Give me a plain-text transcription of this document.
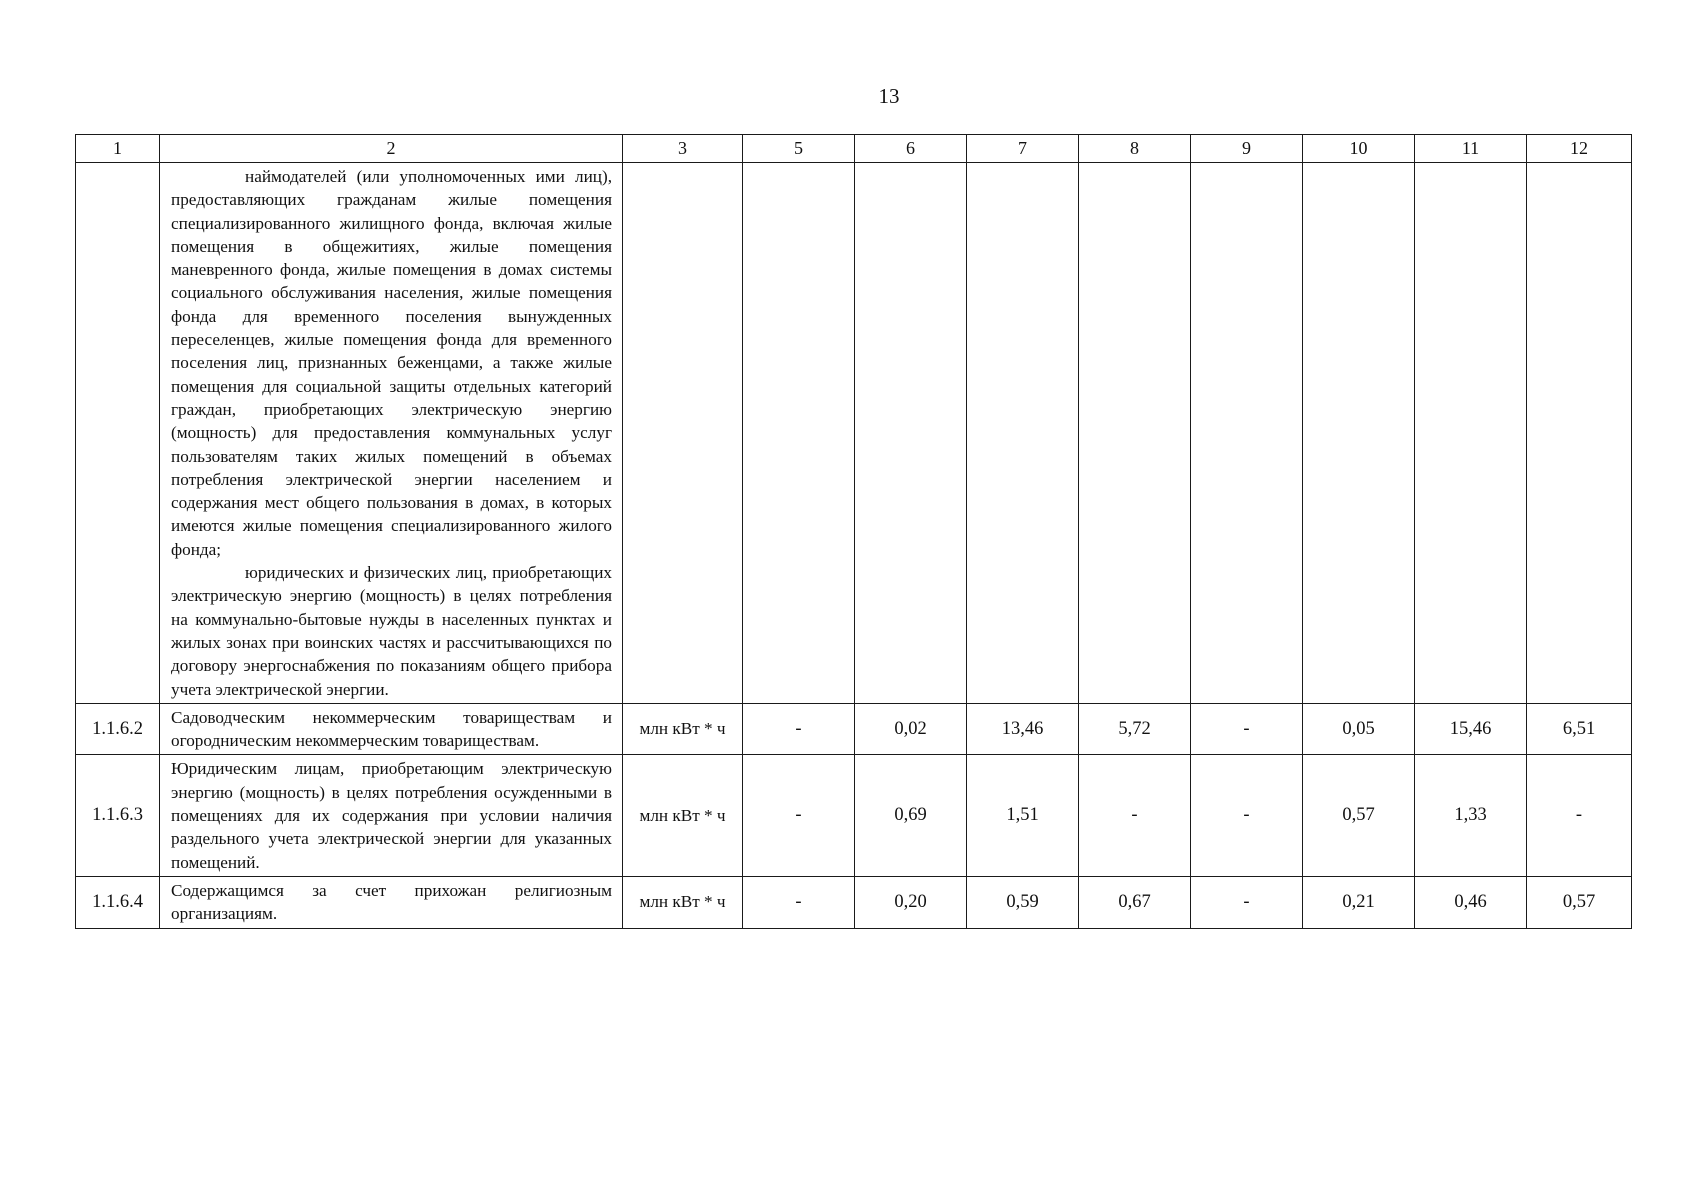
13
1	2	3	5	6	7	8	9	10	11	12

	наймодателей (или уполномоченных ими лиц), предоставляющих гражданам жилые помещения специализированного жилищного фонда, включая жилые помещения в общежитиях, жилые помещения маневренного фонда, жилые помещения в домах системы социального обслуживания населения, жилые помещения фонда для временного поселения вынужденных переселенцев, жилые помещения фонда для временного поселения лиц, признанных беженцами, а также жилые помещения для социальной защиты отдельных категорий граждан, приобретающих электрическую энергию (мощность) для предоставления коммунальных услуг пользователям таких жилых помещений в объемах потребления электрической энергии населением и содержания мест общего пользования в домах, в которых имеются жилые помещения специализированного жилого фонда;

юридических и физических лиц, приобретающих электрическую энергию (мощность) в целях потребления на коммунально-бытовые нужды в населенных пунктах и жилых зонах при воинских частях и рассчитывающихся по договору энергоснабжения по показаниям общего прибора учета электрической энергии.									

1.1.6.2	Садоводческим некоммерческим товариществам и огородническим некоммерческим товариществам.	млн кВт * ч	-	0,02	13,46	5,72	-	0,05	15,46	6,51
1.1.6.3	Юридическим лицам, приобретающим электрическую энергию (мощность) в целях потребления осужденными в помещениях для их содержания при условии наличия раздельного учета электрической энергии для указанных помещений.	млн кВт * ч	-	0,69	1,51	-	-	0,57	1,33	-
1.1.6.4	Содержащимся за счет прихожан религиозным организациям.	млн кВт * ч	-	0,20	0,59	0,67	-	0,21	0,46	0,57
